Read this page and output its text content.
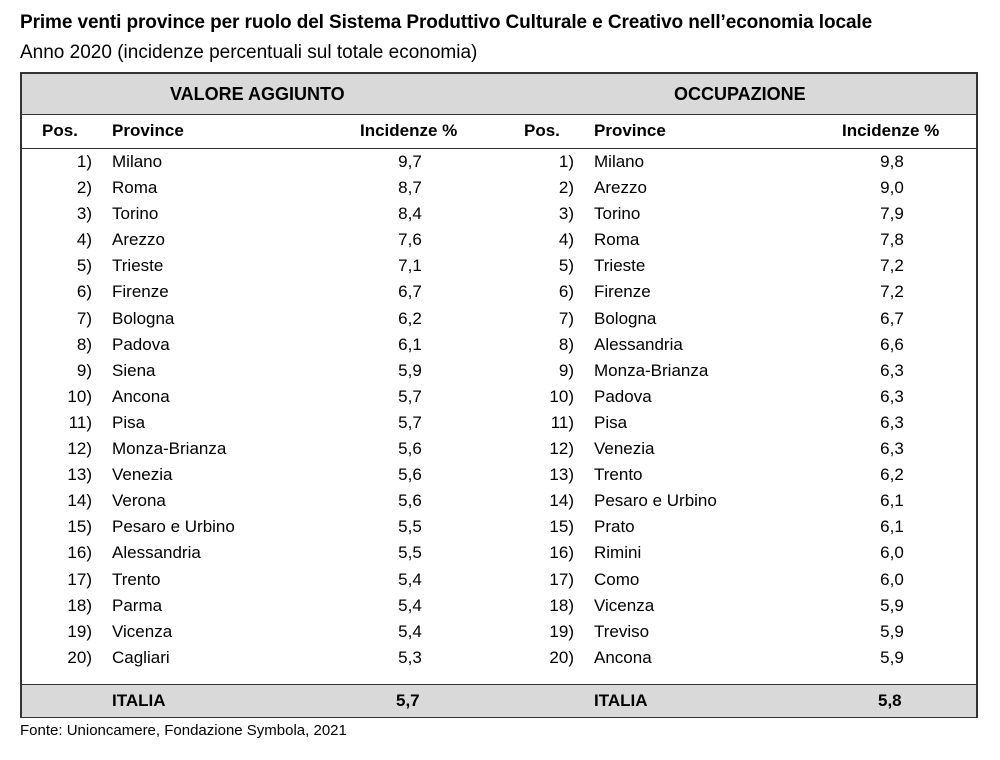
Prime venti province per ruolo del Sistema Produttivo Culturale e Creativo nell’economia locale
Anno 2020 (incidenze percentuali sul totale economia)
VALORE AGGIUNTO	OCCUPAZIONE
Pos. Province	Incidenze %	Pos. Province	Incidenze %
1) Milano	9,7	1) Milano	9,8
2) Roma	8,7	2) Arezzo	9,0
3) Torino	8,4	3) Torino	7,9
4) Arezzo	7,6	4) Roma	7,8
5) Trieste	7,1	5) Trieste	7,2
6) Firenze	6,7	6) Firenze	7,2
7) Bologna	6,2	7) Bologna	6,7
8) Padova	6,1	8) Alessandria	6,6
9) Siena	5,9	9) Monza-Brianza	6,3
10) Ancona	5,7	10) Padova	6,3
11) Pisa	5,7	11) Pisa	6,3
12) Monza-Brianza	5,6	12) Venezia	6,3
13) Venezia	5,6	13) Trento	6,2
14) Verona	5,6	14) Pesaro e Urbino	6,1
15) Pesaro e Urbino	5,5	15) Prato	6,1
16) Alessandria	5,5	16) Rimini	6,0
17) Trento	5,4	17) Como	6,0
18) Parma	5,4	18) Vicenza	5,9
19) Vicenza	5,4	19) Treviso	5,9
20) Cagliari	5,3	20) Ancona	5,9
ITALIA	5,7	ITALIA	5,8
Fonte: Unioncamere, Fondazione Symbola, 2021
